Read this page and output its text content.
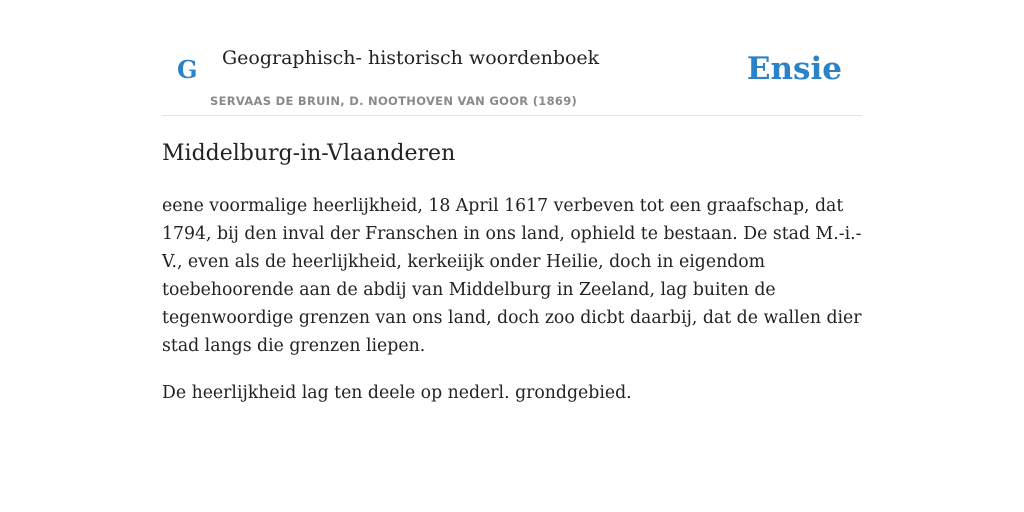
G Geographisch- historisch woordenboek
SERVAAS DE BRUIN, D. NOOTHOVEN VAN GOOR (1869)
Ensie
Middelburg-in-Vlaanderen

eene voormalige heerlijkheid, 18 April 1617 verbeven tot een graafschap, dat 1794, bij den inval der Franschen in ons land, ophield te bestaan. De stad M.-i.-V., even als de heerlijkheid, kerkeiijk onder Heilie, doch in eigendom toebehoorende aan de abdij van Middelburg in Zeeland, lag buiten de tegenwoordige grenzen van ons land, doch zoo dicbt daarbij, dat de wallen dier stad langs die grenzen liepen.

De heerlijkheid lag ten deele op nederl. grondgebied.
